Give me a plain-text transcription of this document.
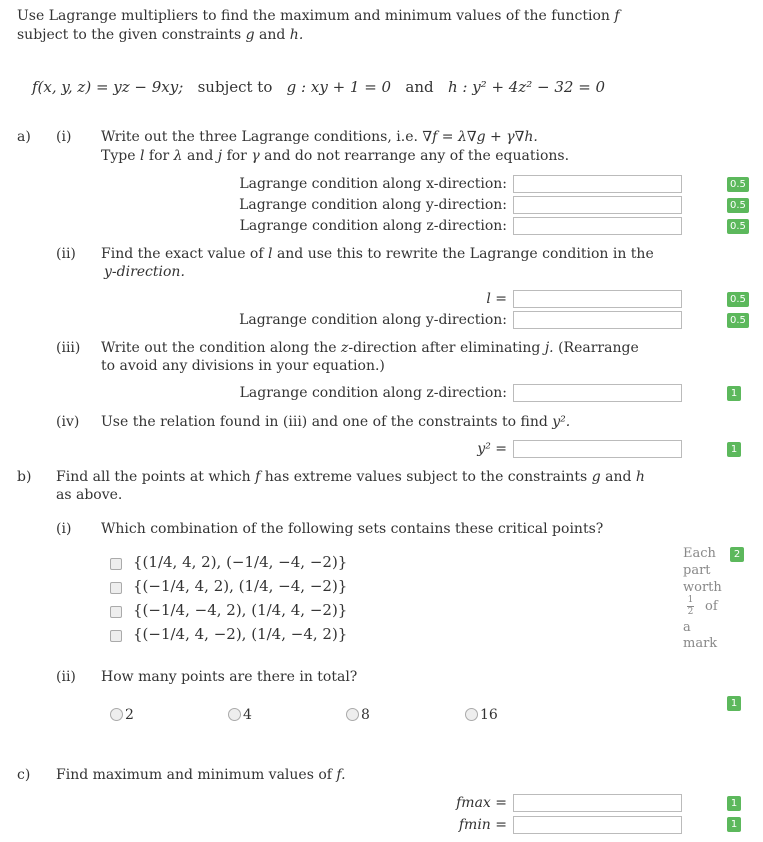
Use Lagrange multipliers to find the maximum and minimum values of the function f
subject to the given constraints g and h.
f(x, y, z) = yz − 9xy; subject to g : xy + 1 = 0 and h : y² + 4z² − 32 = 0
a) (i) Write out the three Lagrange conditions, i.e. ∇f = λ∇g + γ∇h.
Type l for λ and j for γ and do not rearrange any of the equations.
Lagrange condition along x-direction:	0.5
Lagrange condition along y-direction:	0.5
Lagrange condition along z-direction:	0.5
(ii) Find the exact value of l and use this to rewrite the Lagrange condition in the
y-direction.
l =	0.5
Lagrange condition along y-direction:	0.5
(iii) Write out the condition along the z-direction after eliminating j. (Rearrange
to avoid any divisions in your equation.)
Lagrange condition along z-direction:	1
(iv) Use the relation found in (iii) and one of the constraints to find y².
y² =	1
b) Find all the points at which f has extreme values subject to the constraints g and h
as above.
(i) Which combination of the following sets contains these critical points?
{(1/4, 4, 2), (−1/4, −4, −2)}
{(−1/4, 4, 2), (1/4, −4, −2)}
{(−1/4, −4, 2), (1/4, 4, −2)}
{(−1/4, 4, −2), (1/4, −4, 2)}
Each
part
worth
1
2 of
a
mark
2
(ii) How many points are there in total?
2	4	8	16
1
c) Find maximum and minimum values of f.
fmax =	1
fmin =	1
